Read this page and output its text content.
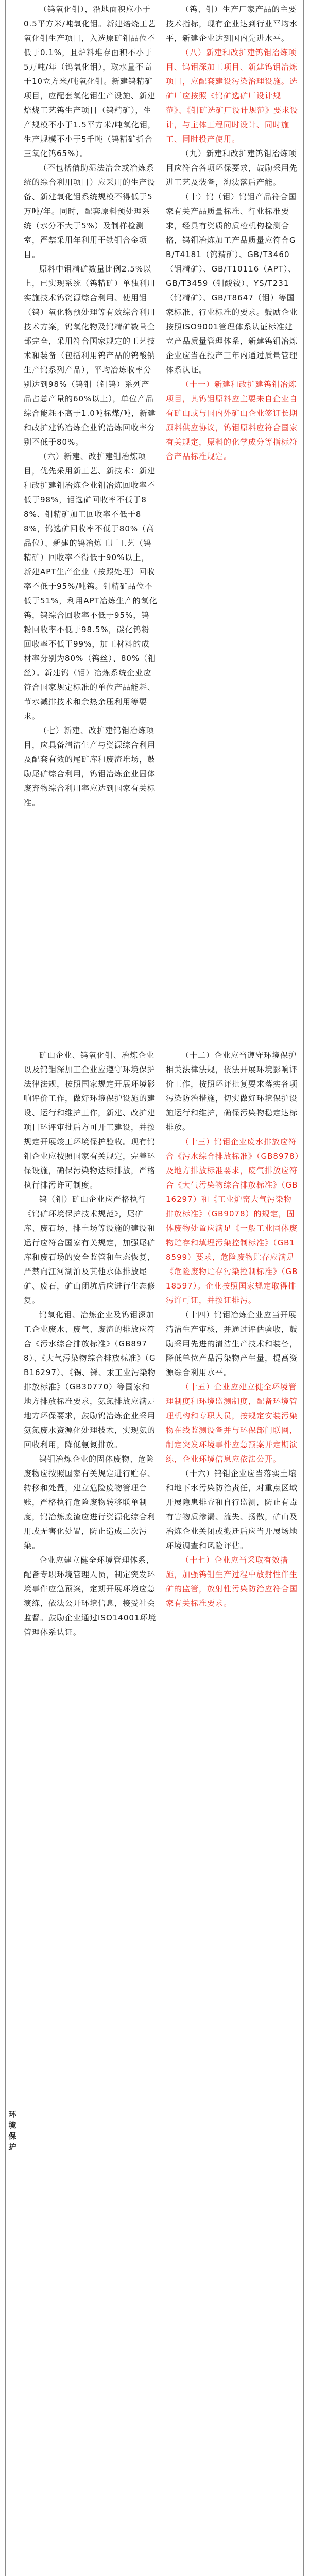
（钨氧化钼），沿地面积应小于0.5平方米/吨氧化钼。新建焙烧工艺氧化钼生产项目，入选原矿钼品位不低于0.1%，且炉料堆存面积不小于5万吨/年（钨氧化钼），取水量不高于10立方米/吨氧化钼。新建钨精矿项目，应配套氧化钼生产设施、新建焙烧工艺钨生产项目（钨精矿），生产规模不小于1.5平方米/吨氧化钼，生产规模不小于5千吨（钨精矿折合三氧化钨65%）。

（不包括借助湿法冶金或冶炼系统的综合利用项目）应采用的生产设备、新建氧化钼系统规模不得低于5万吨/年。同时，配套原料预处理系统（水分不大于5%）及制样检测室，严禁采用年利用于铁钼合金项目。

原料中钼精矿数量比例2.5%以上，已实现系统（钨精矿）单独利用实施技术钨资源综合利用、使用钼（钨）氧化物预处理等有效综合利用技术方案，钨氧化物及钨精矿数量全部完全，采用符合国家规定的工艺技术和装备（包括利用钨产品的钨酸钠生产钨系列产品），平均冶炼收率分别达到98%（钨钼（钼钨）系列产品占总产量的60%以上），单位产品综合能耗不高于1.0吨标煤/吨，新建和改扩建钨冶炼企业钨冶炼回收率分别不低于80%。

（六）新建、改扩建钼冶炼项目，优先采用新工艺、新技术：新建和改扩建钼冶炼企业钼冶炼回收率不低于98%，钼选矿回收率不低于88%、钼精矿加工回收率不低于88%，钨选矿回收率不低于80%（高品位）、新建的钨冶炼工厂工艺（钨精矿）回收率不得低于90%以上，新建APT生产企业（按照处理）回收率不低于95%/吨钨。钼精矿品位不低于51%，利用APT冶炼生产的氧化钨，钨综合回收率不低于95%，钨粉回收率不低于98.5%，碳化钨粉回收率不低于99%，加工材料的成材率分别为80%（钨丝）、80%（钼丝）。新建钨（钼）冶炼系统企业应符合国家规定标准的单位产品能耗、节水减排技术和余热余压利用等要求。

（七）新建、改扩建钨钼冶炼项目，应具备清洁生产与资源综合利用及配套有效的尾矿库和废渣堆场，鼓励尾矿综合利用，钨钼冶炼企业固体废弃物综合利用率应达到国家有关标准。

（钨、钼）生产厂家产品的主要技术指标，现有企业达到行业平均水平，新建企业达到国内先进水平。

（八）新建和改扩建钨钼冶炼项目、钨钼深加工项目、新建钨钼冶炼项目，应配套建设污染治理设施。选矿厂应按照《钨矿选矿厂设计规范》、《钼矿选矿厂设计规范》要求设计，与主体工程同时设计、同时施工、同时投产使用。

（九）新建和改扩建钨钼冶炼项目应符合各项环保要求，鼓励采用先进工艺及装备，淘汰落后产能。

（十）钨（钼）钨钼产品符合国家有关产品质量标准、行业标准要求，经具有资质的质检机构检测合格，钨钼冶炼加工产品质量应符合GB/T4181（钨精矿）、GB/T3460（钼精矿）、GB/T10116（APT）、GB/T3459（钼酸铵）、YS/T231（钨精矿）、GB/T8647（钼）等国家标准、行业标准的要求。鼓励企业按照ISO9001管理体系认证标准建立产品质量管理体系，新建钨钼冶炼企业应当在投产三年内通过质量管理体系认证。

（十一）新建和改扩建钨钼冶炼项目，其钨钼原料应主要来自企业自有矿山或与国内外矿山企业签订长期原料供应协议，钨钼原料应符合国家有关规定，原料的化学成分等指标符合产品标准规定。

环境保护

矿山企业、钨氧化钼、冶炼企业以及钨钼深加工企业应遵守环境保护法律法规，按照国家规定开展环境影响评价工作，做好环境保护设施的建设、运行和维护工作，新建、改扩建项目环评审批后方可开工建设，并按规定开展竣工环境保护验收。现有钨钼企业应按照国家有关规定，完善环保设施，确保污染物达标排放，严格执行排污许可制度。

钨（钼）矿山企业应严格执行《钨矿环境保护技术规范》，尾矿库、废石场、排土场等设施的建设和运行应符合国家有关规定，加强尾矿库和废石场的安全监管和生态恢复，严禁向江河湖泊及其他水体排放尾矿、废石，矿山闭坑后应进行生态修复。

钨氧化钼、冶炼企业及钨钼深加工企业废水、废气、废渣的排放应符合《污水综合排放标准》（GB8978）、《大气污染物综合排放标准》（GB16297）、《锡、锑、汞工业污染物排放标准》（GB30770）等国家和地方排放标准要求，氨氮排放应满足地方环保要求，鼓励钨冶炼企业采用氨氮废水资源化处理技术，实现氨的回收利用，降低氨氮排放。

钨钼冶炼企业的固体废物、危险废物应按照国家有关规定进行贮存、转移和处置，建立危险废物管理台账，严格执行危险废物转移联单制度，钨冶炼废渣应进行资源化综合利用或无害化处置，防止造成二次污染。

企业应建立健全环境管理体系，配备专职环境管理人员，制定突发环境事件应急预案，定期开展环境应急演练，依法公开环境信息，接受社会监督。鼓励企业通过ISO14001环境管理体系认证。

（十二）企业应当遵守环境保护相关法律法规，依法开展环境影响评价工作，按照环评批复要求落实各项污染防治措施，切实做好环境保护设施运行和维护，确保污染物稳定达标排放。

（十三）钨钼企业废水排放应符合《污水综合排放标准》（GB8978）及地方排放标准要求，废气排放应符合《大气污染物综合排放标准》（GB16297）和《工业炉窑大气污染物排放标准》（GB9078）的规定，固体废物处置应满足《一般工业固体废物贮存和填埋污染控制标准》（GB18599）要求，危险废物贮存应满足《危险废物贮存污染控制标准》（GB18597）。企业按照国家规定取得排污许可证，并按证排污。

（十四）钨钼冶炼企业应当开展清洁生产审核，并通过评估验收，鼓励采用先进的清洁生产技术和装备，降低单位产品污染物产生量，提高资源综合利用水平。

（十五）企业应建立健全环境管理制度和环境监测制度，配备环境管理机构和专职人员，按规定安装污染物在线监测设备并与环保部门联网，制定突发环境事件应急预案并定期演练，企业环境信息应依法公开。

（十六）钨钼企业应当落实土壤和地下水污染防治责任，对重点区域开展隐患排查和自行监测，防止有毒有害物质渗漏、流失、扬散，矿山及冶炼企业关闭或搬迁后应当开展场地环境调查和风险评估。

（十七）企业应当采取有效措施，加强钨钼生产过程中放射性伴生矿的监管，放射性污染防治应符合国家有关标准要求。
